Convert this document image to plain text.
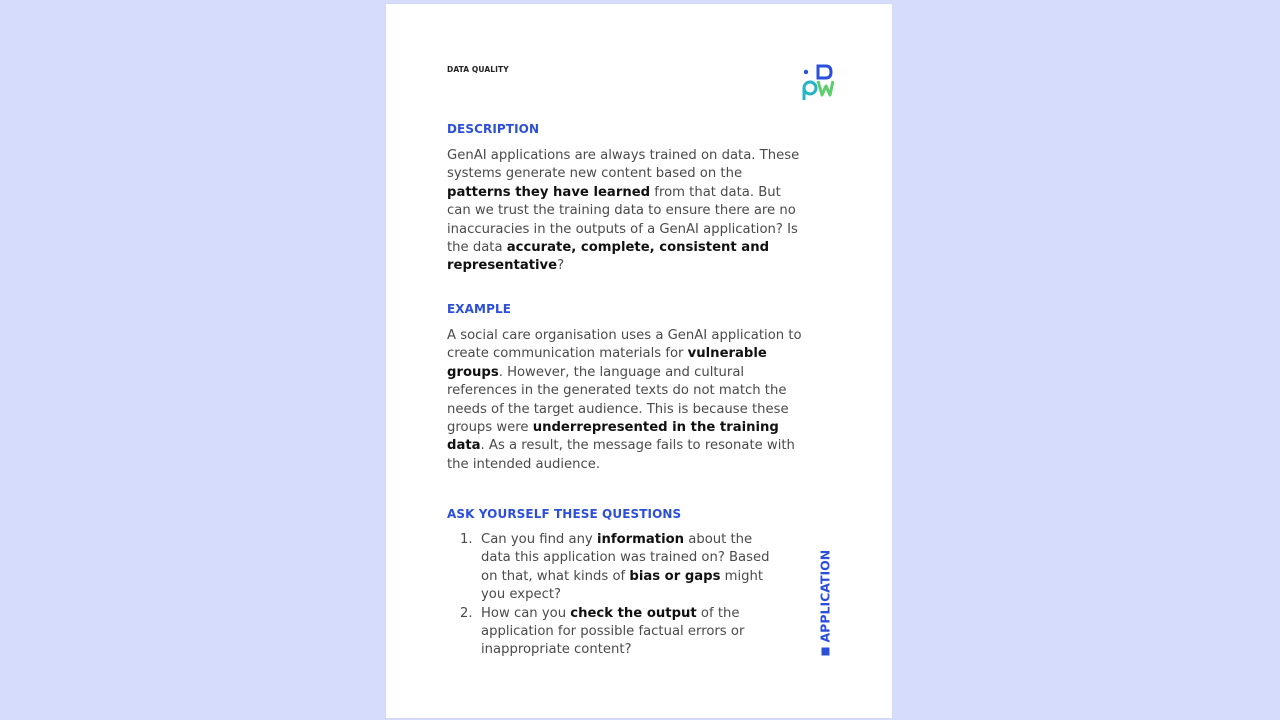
DATA QUALITY
DESCRIPTION
GenAI applications are always trained on data. These systems generate new content based on the patterns they have learned from that data. But can we trust the training data to ensure there are no inaccuracies in the outputs of a GenAI application? Is the data accurate, complete, consistent and representative?
EXAMPLE
A social care organisation uses a GenAI application to create communication materials for vulnerable groups. However, the language and cultural references in the generated texts do not match the needs of the target audience. This is because these groups were underrepresented in the training data. As a result, the message fails to resonate with the intended audience.
ASK YOURSELF THESE QUESTIONS
1. Can you find any information about the data this application was trained on? Based on that, what kinds of bias or gaps might you expect?
2. How can you check the output of the application for possible factual errors or inappropriate content?
APPLICATION
